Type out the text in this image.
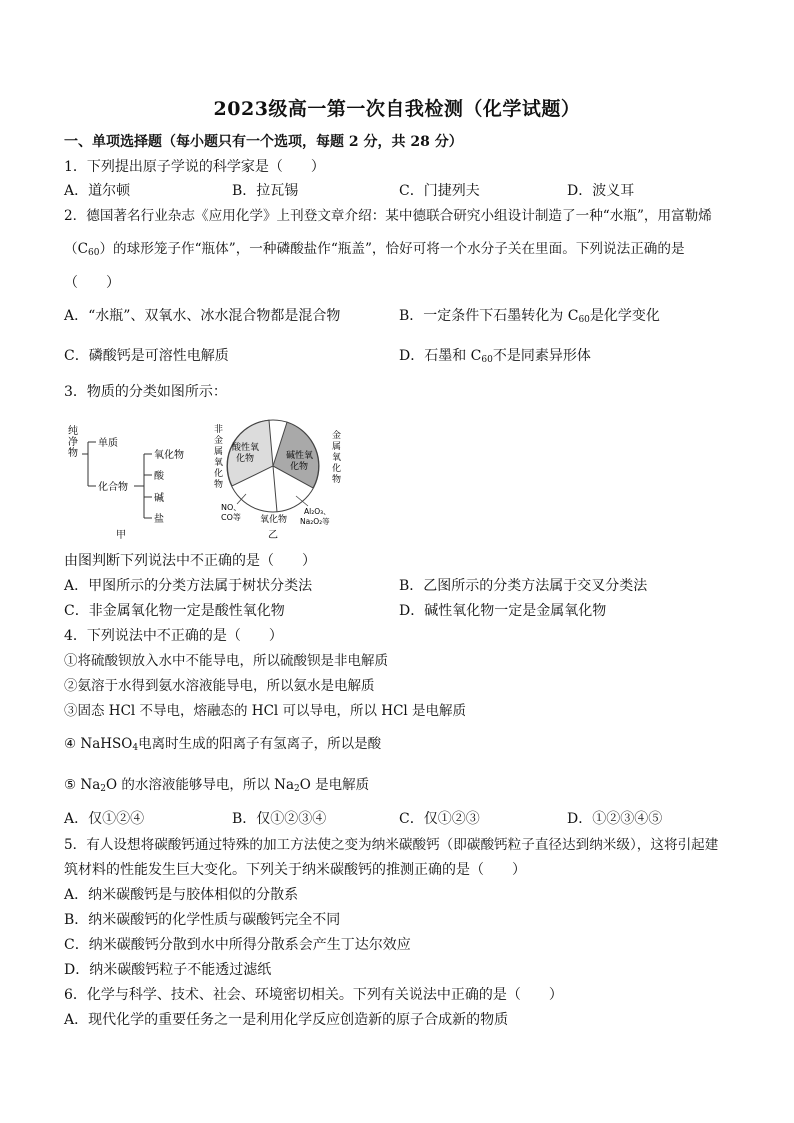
2023级高一第一次自我检测（化学试题）
一、单项选择题（每小题只有一个选项，每题 2 分，共 28 分）
1．下列提出原子学说的科学家是（　　）
A．道尔顿	B．拉瓦锡	C．门捷列夫	D．波义耳
2．德国著名行业杂志《应用化学》上刊登文章介绍：某中德联合研究小组设计制造了一种“水瓶”，用富勒烯
$(C_{60})$的球形笼子作“瓶体”，一种磷酸盐作“瓶盖”，恰好可将一个水分子关在里面。下列说法正确的是
（　　）
A．“水瓶”、双氧水、冰水混合物都是混合物	B．一定条件下石墨转化为 $C_{60}$是化学变化
C．磷酸钙是可溶性电解质	D．石墨和 $C_{60}$不是同素异形体
3．物质的分类如图所示：
纯净物
单质
化合物
氧化物
酸
碱
盐
甲
酸性氧化物	碱性氧化物
非金属氧化物
金属氧化物
NO、 CO等 氧化物
Al₂O₃、 Na₂O₂等
乙
由图判断下列说法中不正确的是（　　）
A．甲图所示的分类方法属于树状分类法	B．乙图所示的分类方法属于交叉分类法
C．非金属氧化物一定是酸性氧化物	D．碱性氧化物一定是金属氧化物
4．下列说法中不正确的是（　　）
①将硫酸钡放入水中不能导电，所以硫酸钡是非电解质
②氨溶于水得到氨水溶液能导电，所以氨水是电解质
③固态 HCl 不导电，熔融态的 HCl 可以导电，所以 HCl 是电解质
④ NaHSO$_4$电离时生成的阳离子有氢离子，所以是酸
⑤ $Na_2O$ 的水溶液能够导电，所以 $Na_2O$ 是电解质
A．仅①②④	B．仅①②③④	C．仅①②③	D．①②③④⑤
5．有人设想将碳酸钙通过特殊的加工方法使之变为纳米碳酸钙（即碳酸钙粒子直径达到纳米级），这将引起建
筑材料的性能发生巨大变化。下列关于纳米碳酸钙的推测正确的是（　　）
A．纳米碳酸钙是与胶体相似的分散系
B．纳米碳酸钙的化学性质与碳酸钙完全不同
C．纳米碳酸钙分散到水中所得分散系会产生丁达尔效应
D．纳米碳酸钙粒子不能透过滤纸
6．化学与科学、技术、社会、环境密切相关。下列有关说法中正确的是（　　）
A．现代化学的重要任务之一是利用化学反应创造新的原子合成新的物质
